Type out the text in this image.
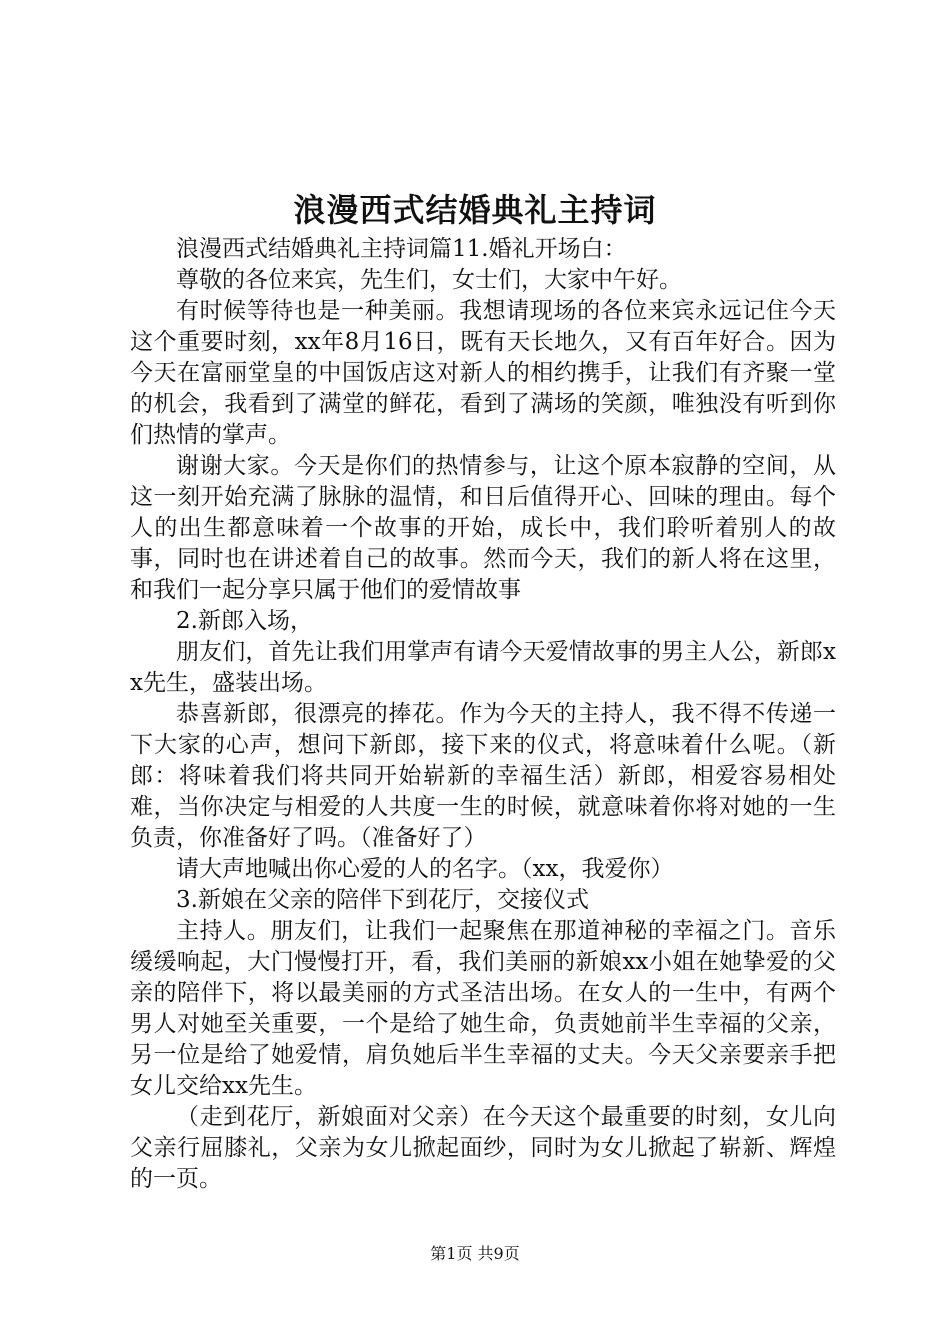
浪漫西式结婚典礼主持词

浪漫西式结婚典礼主持词篇11.婚礼开场白：

尊敬的各位来宾，先生们，女士们，大家中午好。

有时候等待也是一种美丽。我想请现场的各位来宾永远记住今天这个重要时刻，xx年8月16日，既有天长地久，又有百年好合。因为今天在富丽堂皇的中国饭店这对新人的相约携手，让我们有齐聚一堂的机会，我看到了满堂的鲜花，看到了满场的笑颜，唯独没有听到你们热情的掌声。

谢谢大家。今天是你们的热情参与，让这个原本寂静的空间，从这一刻开始充满了脉脉的温情，和日后值得开心、回味的理由。每个人的出生都意味着一个故事的开始，成长中，我们聆听着别人的故事，同时也在讲述着自己的故事。然而今天，我们的新人将在这里，和我们一起分享只属于他们的爱情故事

2.新郎入场，

朋友们，首先让我们用掌声有请今天爱情故事的男主人公，新郎xx先生，盛装出场。

恭喜新郎，很漂亮的捧花。作为今天的主持人，我不得不传递一下大家的心声，想问下新郎，接下来的仪式，将意味着什么呢。（新郎：将味着我们将共同开始崭新的幸福生活）新郎，相爱容易相处难，当你决定与相爱的人共度一生的时候，就意味着你将对她的一生负责，你准备好了吗。（准备好了）

请大声地喊出你心爱的人的名字。（xx，我爱你）

3.新娘在父亲的陪伴下到花厅，交接仪式

主持人。朋友们，让我们一起聚焦在那道神秘的幸福之门。音乐缓缓响起，大门慢慢打开，看，我们美丽的新娘xx小姐在她挚爱的父亲的陪伴下，将以最美丽的方式圣洁出场。在女人的一生中，有两个男人对她至关重要，一个是给了她生命，负责她前半生幸福的父亲，另一位是给了她爱情，肩负她后半生幸福的丈夫。今天父亲要亲手把女儿交给xx先生。

（走到花厅，新娘面对父亲）在今天这个最重要的时刻，女儿向父亲行屈膝礼，父亲为女儿掀起面纱，同时为女儿掀起了崭新、辉煌的一页。

第1页 共9页
